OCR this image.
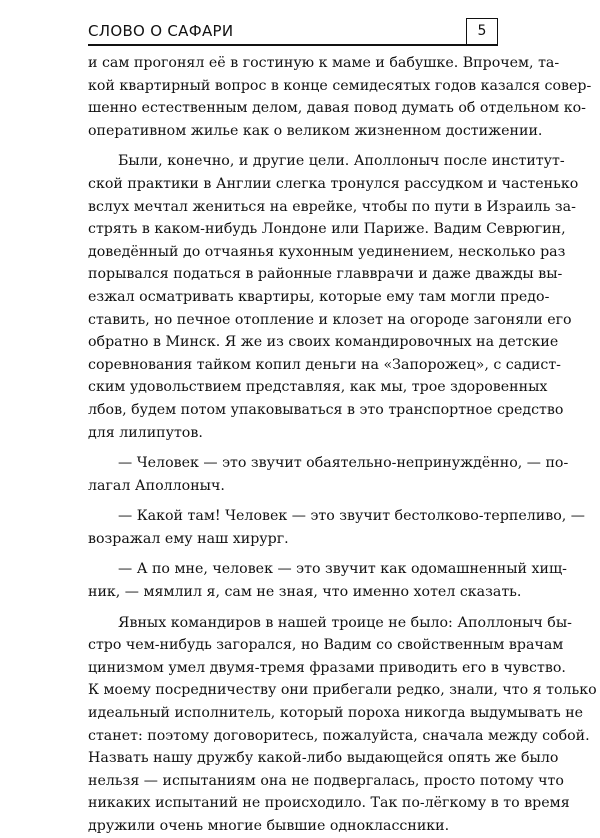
СЛОВО О САФАРИ	5
и сам прогонял её в гостиную к маме и бабушке. Впрочем, та-
кой квартирный вопрос в конце семидесятых годов казался совер-
шенно естественным делом, давая повод думать об отдельном ко-
оперативном жилье как о великом жизненном достижении.
Были, конечно, и другие цели. Аполлоныч после институт-
ской практики в Англии слегка тронулся рассудком и частенько
вслух мечтал жениться на еврейке, чтобы по пути в Израиль за-
стрять в каком-нибудь Лондоне или Париже. Вадим Севрюгин,
доведённый до отчаянья кухонным уединением, несколько раз
порывался податься в районные главврачи и даже дважды вы-
езжал осматривать квартиры, которые ему там могли предо-
ставить, но печное отопление и клозет на огороде загоняли его
обратно в Минск. Я же из своих командировочных на детские
соревнования тайком копил деньги на «Запорожец», с садист-
ским удовольствием представляя, как мы, трое здоровенных
лбов, будем потом упаковываться в это транспортное средство
для лилипутов.
— Человек — это звучит обаятельно-непринуждённо, — по-
лагал Аполлоныч.
— Какой там! Человек — это звучит бестолково-терпеливо, —
возражал ему наш хирург.
— А по мне, человек — это звучит как одомашненный хищ-
ник, — мямлил я, сам не зная, что именно хотел сказать.
Явных командиров в нашей троице не было: Аполлоныч бы-
стро чем-нибудь загорался, но Вадим со свойственным врачам
цинизмом умел двумя-тремя фразами приводить его в чувство.
К моему посредничеству они прибегали редко, знали, что я только
идеальный исполнитель, который пороха никогда выдумывать не
станет: поэтому договоритесь, пожалуйста, сначала между собой.
Назвать нашу дружбу какой-либо выдающейся опять же было
нельзя — испытаниям она не подвергалась, просто потому что
никаких испытаний не происходило. Так по-лёгкому в то время
дружили очень многие бывшие одноклассники.
